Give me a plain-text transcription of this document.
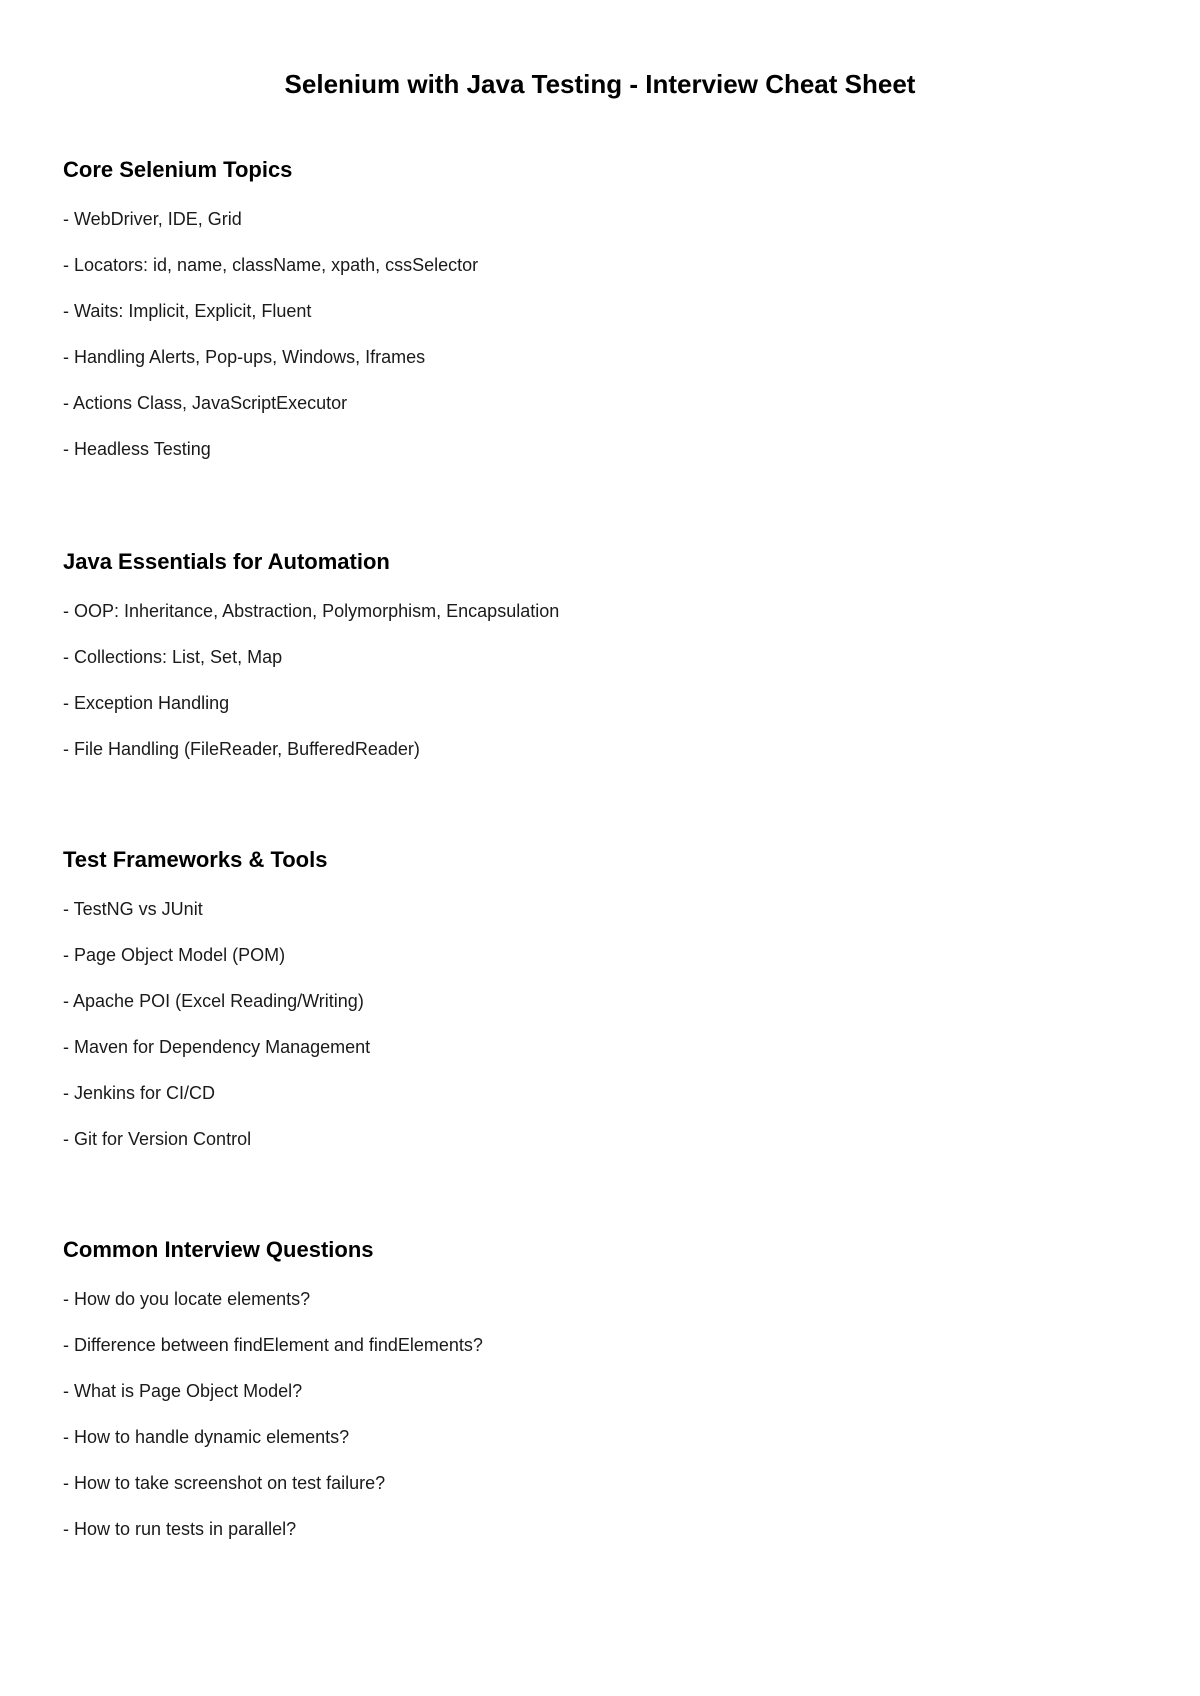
Selenium with Java Testing - Interview Cheat Sheet
Core Selenium Topics

- WebDriver, IDE, Grid

- Locators: id, name, className, xpath, cssSelector

- Waits: Implicit, Explicit, Fluent

- Handling Alerts, Pop-ups, Windows, Iframes

- Actions Class, JavaScriptExecutor

- Headless Testing

Java Essentials for Automation

- OOP: Inheritance, Abstraction, Polymorphism, Encapsulation

- Collections: List, Set, Map

- Exception Handling

- File Handling (FileReader, BufferedReader)

Test Frameworks & Tools

- TestNG vs JUnit

- Page Object Model (POM)

- Apache POI (Excel Reading/Writing)

- Maven for Dependency Management

- Jenkins for CI/CD

- Git for Version Control

Common Interview Questions

- How do you locate elements?

- Difference between findElement and findElements?

- What is Page Object Model?

- How to handle dynamic elements?

- How to take screenshot on test failure?

- How to run tests in parallel?
